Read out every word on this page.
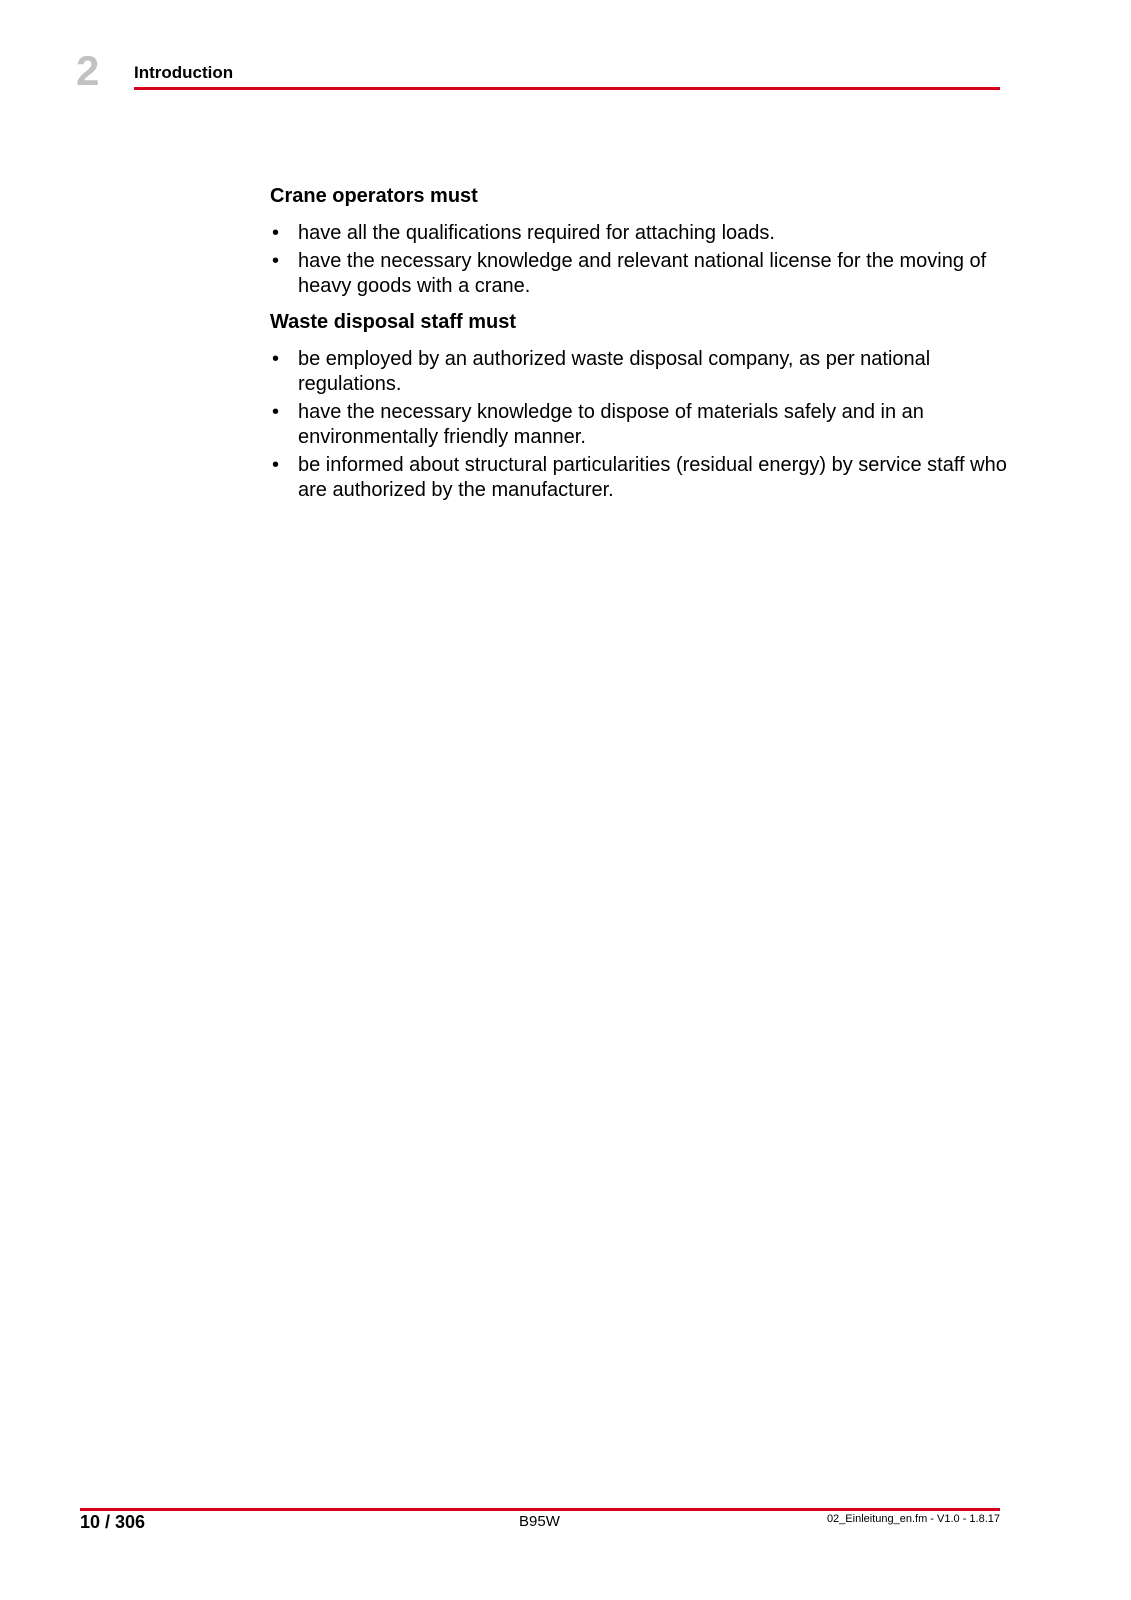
2 Introduction
Crane operators must
• have all the qualifications required for attaching loads.
• have the necessary knowledge and relevant national license for the moving of heavy goods with a crane.
Waste disposal staff must
• be employed by an authorized waste disposal company, as per national regulations.
• have the necessary knowledge to dispose of materials safely and in an environmentally friendly manner.
• be informed about structural particularities (residual energy) by service staff who are authorized by the manufacturer.
10 / 306	B95W	02_Einleitung_en.fm - V1.0 - 1.8.17
